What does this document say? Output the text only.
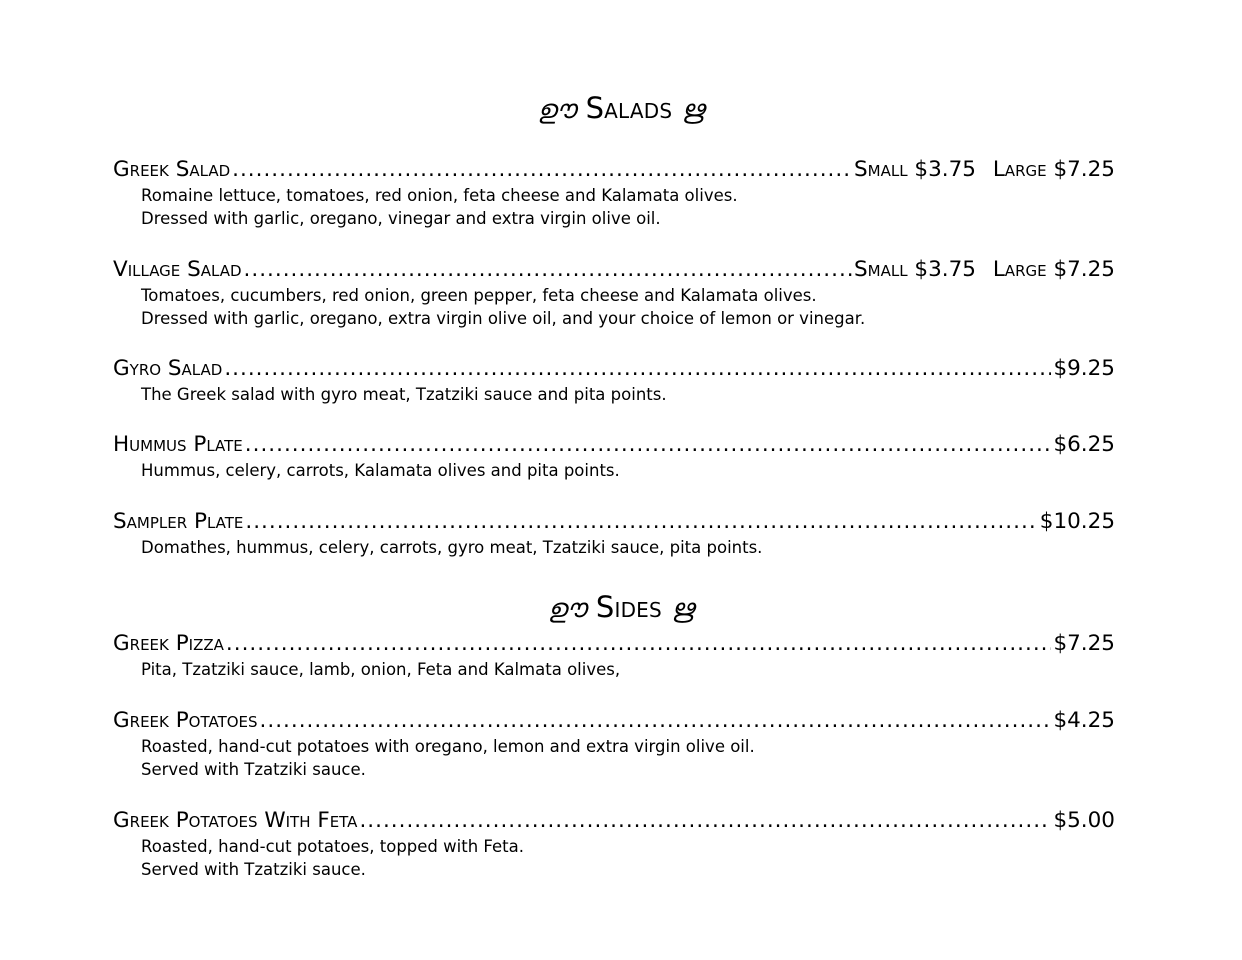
ഊ Salads ഋ
Greek Salad .....	Small $3.75 Large $7.25
Romaine lettuce, tomatoes, red onion, feta cheese and Kalamata olives.
Dressed with garlic, oregano, vinegar and extra virgin olive oil.
Village Salad .....	Small $3.75 Large $7.25
Tomatoes, cucumbers, red onion, green pepper, feta cheese and Kalamata olives.
Dressed with garlic, oregano, extra virgin olive oil, and your choice of lemon or vinegar.
Gyro Salad .....	$9.25
The Greek salad with gyro meat, Tzatziki sauce and pita points.
Hummus Plate .....	$6.25
Hummus, celery, carrots, Kalamata olives and pita points.
Sampler Plate .....	$10.25
Domathes, hummus, celery, carrots, gyro meat, Tzatziki sauce, pita points.
ഊ Sides ഋ
Greek Pizza .....	$7.25
Pita, Tzatziki sauce, lamb, onion, Feta and Kalmata olives,
Greek Potatoes .....	$4.25
Roasted, hand-cut potatoes with oregano, lemon and extra virgin olive oil.
Served with Tzatziki sauce.
Greek Potatoes With Feta .....	$5.00
Roasted, hand-cut potatoes, topped with Feta.
Served with Tzatziki sauce.
